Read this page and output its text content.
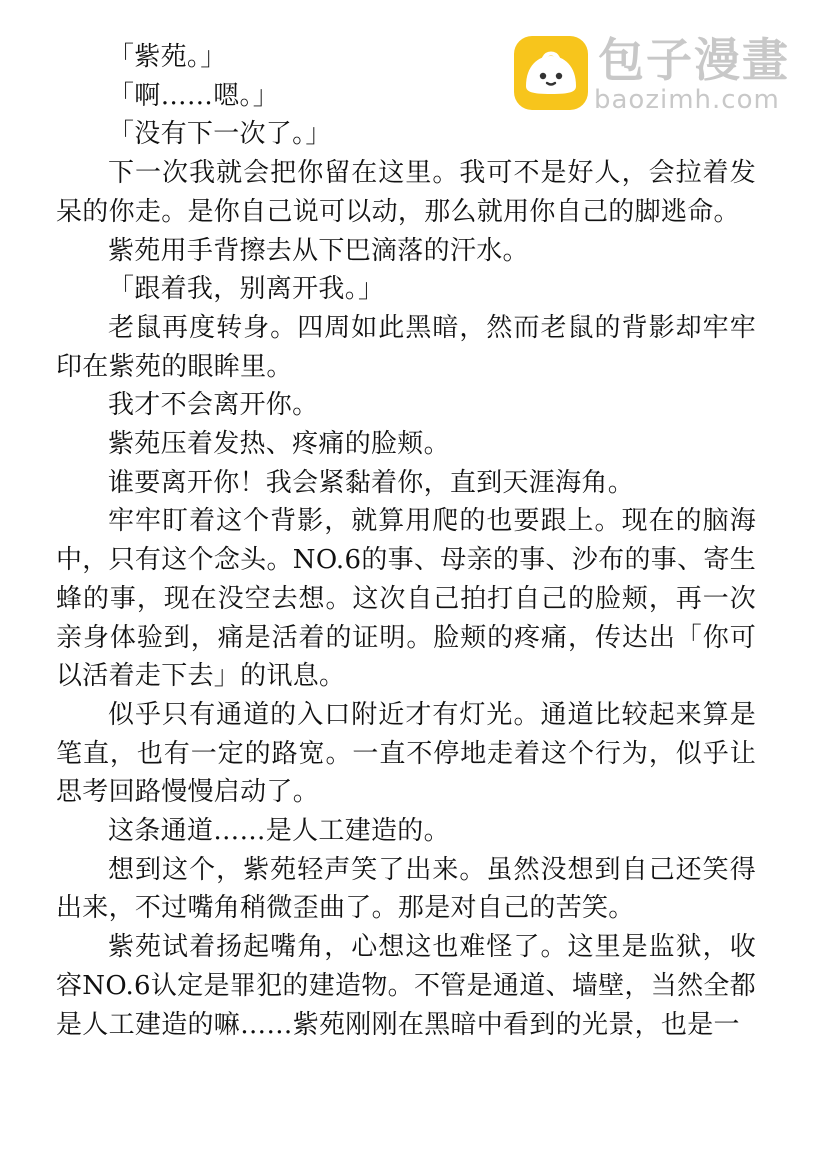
「紫苑。」

「啊……嗯。」

「没有下一次了。」

下一次我就会把你留在这里。我可不是好人，会拉着发呆的你走。是你自己说可以动，那么就用你自己的脚逃命。

紫苑用手背擦去从下巴滴落的汗水。

「跟着我，别离开我。」

老鼠再度转身。四周如此黑暗，然而老鼠的背影却牢牢印在紫苑的眼眸里。

我才不会离开你。

紫苑压着发热、疼痛的脸颊。

谁要离开你！我会紧黏着你，直到天涯海角。

牢牢盯着这个背影，就算用爬的也要跟上。现在的脑海中，只有这个念头。NO.6的事、母亲的事、沙布的事、寄生蜂的事，现在没空去想。这次自己拍打自己的脸颊，再一次亲身体验到，痛是活着的证明。脸颊的疼痛，传达出「你可以活着走下去」的讯息。

似乎只有通道的入口附近才有灯光。通道比较起来算是笔直，也有一定的路宽。一直不停地走着这个行为，似乎让思考回路慢慢启动了。

这条通道……是人工建造的。

想到这个，紫苑轻声笑了出来。虽然没想到自己还笑得出来，不过嘴角稍微歪曲了。那是对自己的苦笑。

紫苑试着扬起嘴角，心想这也难怪了。这里是监狱，收容NO.6认定是罪犯的建造物。不管是通道、墙壁，当然全都是人工建造的嘛……紫苑刚刚在黑暗中看到的光景，也是一

包子漫畫
baozimh.com
